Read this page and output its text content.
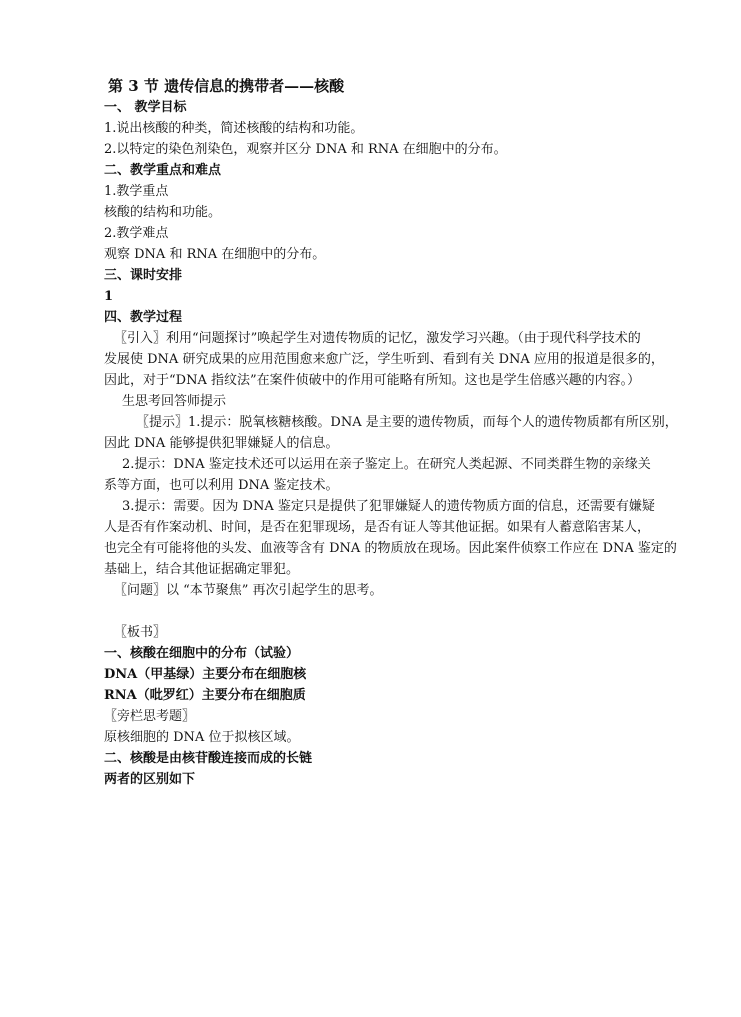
第 3 节 遗传信息的携带者——核酸
一、 教学目标
1.说出核酸的种类，简述核酸的结构和功能。
2.以特定的染色剂染色，观察并区分 DNA 和 RNA 在细胞中的分布。
二、教学重点和难点
1.教学重点
核酸的结构和功能。
2.教学难点
观察 DNA 和 RNA 在细胞中的分布。
三、课时安排
1
四、教学过程
〖引入〗利用“问题探讨”唤起学生对遗传物质的记忆，激发学习兴趣。（由于现代科学技术的
发展使 DNA 研究成果的应用范围愈来愈广泛，学生听到、看到有关 DNA 应用的报道是很多的，
因此，对于“DNA 指纹法”在案件侦破中的作用可能略有所知。这也是学生倍感兴趣的内容。）
生思考回答师提示
〖提示〗1.提示：脱氧核糖核酸。DNA 是主要的遗传物质，而每个人的遗传物质都有所区别，
因此 DNA 能够提供犯罪嫌疑人的信息。
2.提示：DNA 鉴定技术还可以运用在亲子鉴定上。在研究人类起源、不同类群生物的亲缘关
系等方面，也可以利用 DNA 鉴定技术。
3.提示：需要。因为 DNA 鉴定只是提供了犯罪嫌疑人的遗传物质方面的信息，还需要有嫌疑
人是否有作案动机、时间，是否在犯罪现场，是否有证人等其他证据。如果有人蓄意陷害某人，
也完全有可能将他的头发、血液等含有 DNA 的物质放在现场。因此案件侦察工作应在 DNA 鉴定的
基础上，结合其他证据确定罪犯。
〖问题〗以 “本节聚焦” 再次引起学生的思考。
〖板书〗
一、核酸在细胞中的分布（试验）
DNA（甲基绿）主要分布在细胞核
RNA（吡罗红）主要分布在细胞质
〖旁栏思考题〗
原核细胞的 DNA 位于拟核区域。
二、核酸是由核苷酸连接而成的长链
两者的区别如下
